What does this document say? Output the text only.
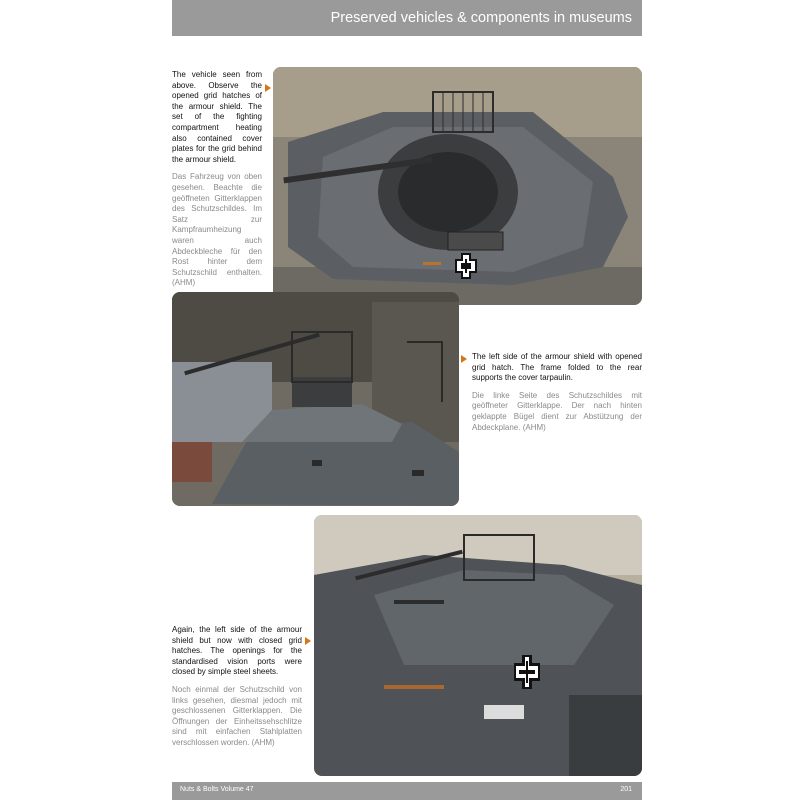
Preserved vehicles & components in museums
The vehicle seen from above. Observe the opened grid hatches of the armour shield. The set of the fighting compartment heating also contained cover plates for the grid behind the armour shield.
Das Fahrzeug von oben gesehen. Beachte die geöffneten Gitterklappen des Schutzschildes. Im Satz zur Kampfraumheizung waren auch Abdeckbleche für den Rost hinter dem Schutzschild enthalten. (AHM)
The left side of the armour shield with opened grid hatch. The frame folded to the rear supports the cover tarpaulin.
Die linke Seite des Schutzschildes mit geöffneter Gitterklappe. Der nach hinten geklappte Bügel dient zur Abstützung der Abdeckplane. (AHM)
Again, the left side of the armour shield but now with closed grid hatches. The openings for the standardised vision ports were closed by simple steel sheets.
Noch einmal der Schutzschild von links gesehen, diesmal jedoch mit geschlossenen Gitterklappen. Die Öffnungen der Einheitssehschlitze sind mit einfachen Stahlplatten verschlossen worden. (AHM)
Nuts & Bolts Volume 47	201
